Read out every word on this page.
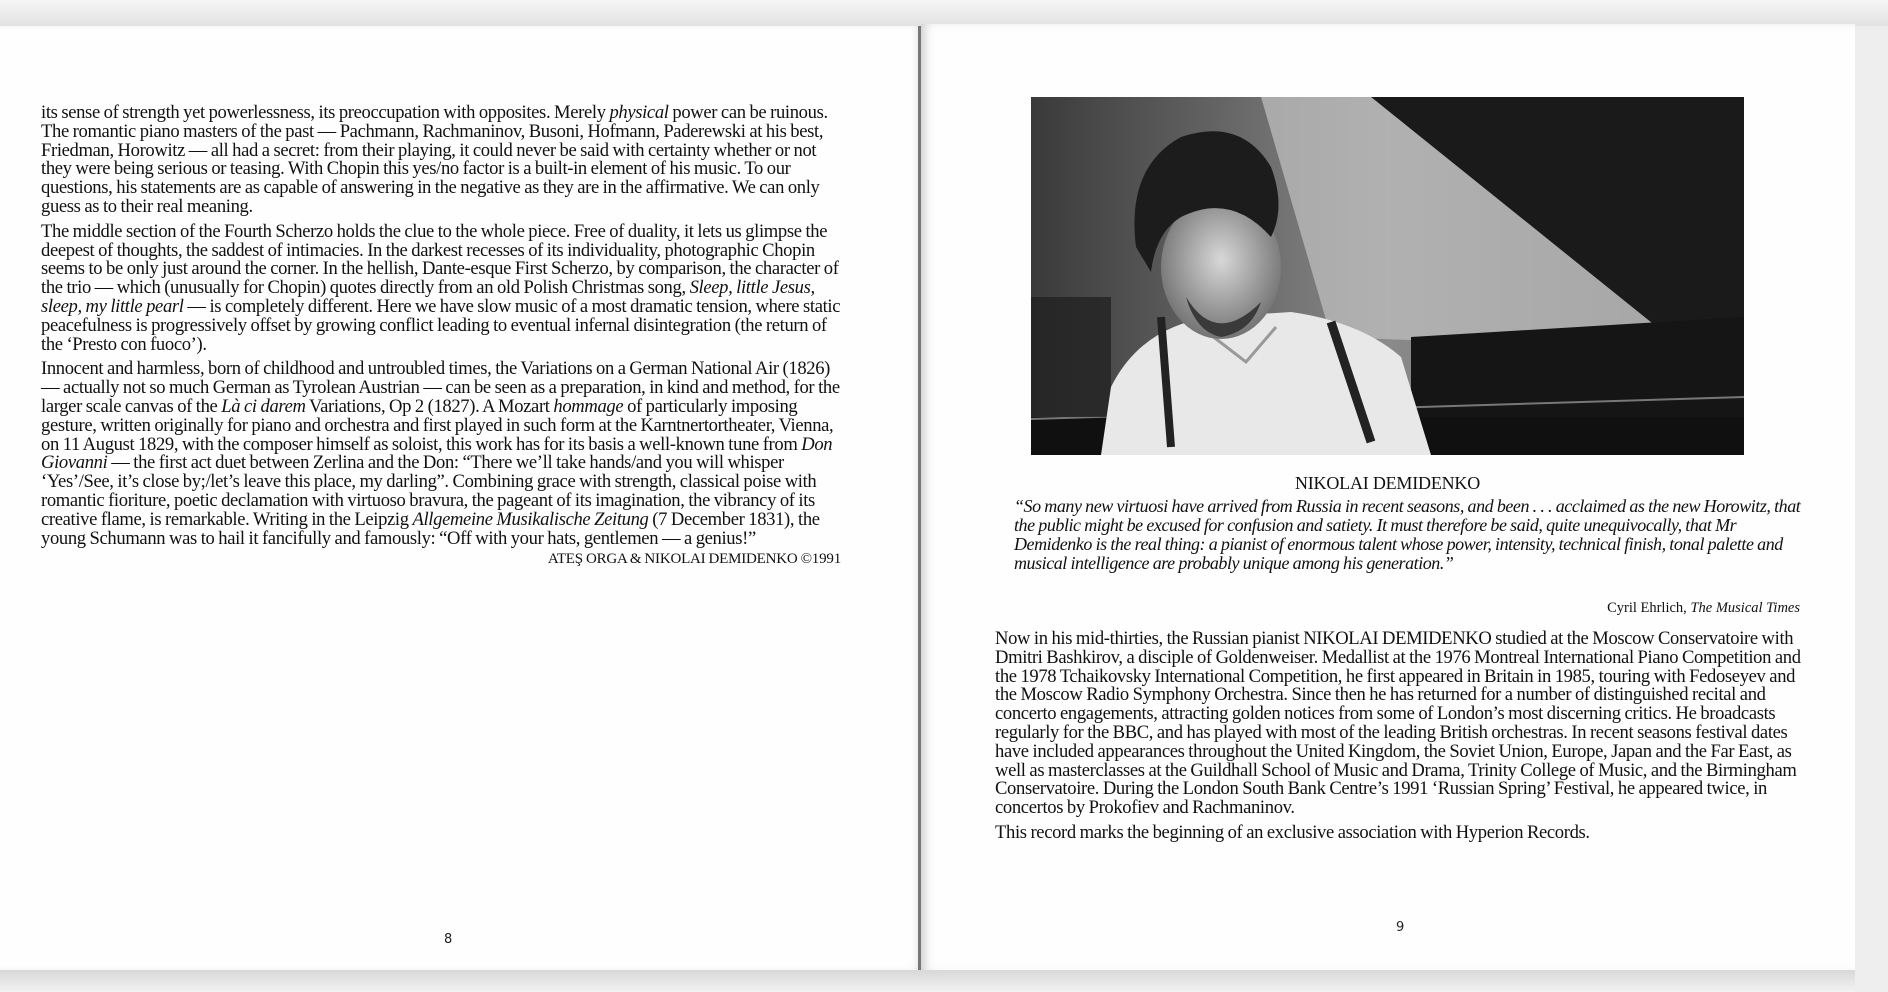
its sense of strength yet powerlessness, its preoccupation with opposites. Merely physical power can be ruinous. The romantic piano masters of the past — Pachmann, Rachmaninov, Busoni, Hofmann, Paderewski at his best, Friedman, Horowitz — all had a secret: from their playing, it could never be said with certainty whether or not they were being serious or teasing. With Chopin this yes/no factor is a built-in element of his music. To our questions, his statements are as capable of answering in the negative as they are in the affirmative. We can only guess as to their real meaning.

The middle section of the Fourth Scherzo holds the clue to the whole piece. Free of duality, it lets us glimpse the deepest of thoughts, the saddest of intimacies. In the darkest recesses of its individuality, photographic Chopin seems to be only just around the corner. In the hellish, Dante-esque First Scherzo, by comparison, the character of the trio — which (unusually for Chopin) quotes directly from an old Polish Christmas song, Sleep, little Jesus, sleep, my little pearl — is completely different. Here we have slow music of a most dramatic tension, where static peacefulness is progressively offset by growing conflict leading to eventual infernal disintegration (the return of the ‘Presto con fuoco’).

Innocent and harmless, born of childhood and untroubled times, the Variations on a German National Air (1826) — actually not so much German as Tyrolean Austrian — can be seen as a preparation, in kind and method, for the larger scale canvas of the Là ci darem Variations, Op 2 (1827). A Mozart hommage of particularly imposing gesture, written originally for piano and orchestra and first played in such form at the Karntnertortheater, Vienna, on 11 August 1829, with the composer himself as soloist, this work has for its basis a well-known tune from Don Giovanni — the first act duet between Zerlina and the Don: “There we’ll take hands/and you will whisper ‘Yes’/See, it’s close by;/let’s leave this place, my darling”. Combining grace with strength, classical poise with romantic fioriture, poetic declamation with virtuoso bravura, the pageant of its imagination, the vibrancy of its creative flame, is remarkable. Writing in the Leipzig Allgemeine Musikalische Zeitung (7 December 1831), the young Schumann was to hail it fancifully and famously: “Off with your hats, gentlemen — a genius!”

ATEŞ ORGA & NIKOLAI DEMIDENKO ©1991
8
NIKOLAI DEMIDENKO
“So many new virtuosi have arrived from Russia in recent seasons, and been . . . acclaimed as the new Horowitz, that the public might be excused for confusion and satiety. It must therefore be said, quite unequivocally, that Mr Demidenko is the real thing: a pianist of enormous talent whose power, intensity, technical finish, tonal palette and musical intelligence are probably unique among his generation.”
Cyril Ehrlich, The Musical Times

Now in his mid-thirties, the Russian pianist NIKOLAI DEMIDENKO studied at the Moscow Conservatoire with Dmitri Bashkirov, a disciple of Goldenweiser. Medallist at the 1976 Montreal International Piano Competition and the 1978 Tchaikovsky International Competition, he first appeared in Britain in 1985, touring with Fedoseyev and the Moscow Radio Symphony Orchestra. Since then he has returned for a number of distinguished recital and concerto engagements, attracting golden notices from some of London’s most discerning critics. He broadcasts regularly for the BBC, and has played with most of the leading British orchestras. In recent seasons festival dates have included appearances throughout the United Kingdom, the Soviet Union, Europe, Japan and the Far East, as well as masterclasses at the Guildhall School of Music and Drama, Trinity College of Music, and the Birmingham Conservatoire. During the London South Bank Centre’s 1991 ‘Russian Spring’ Festival, he appeared twice, in concertos by Prokofiev and Rachmaninov.

This record marks the beginning of an exclusive association with Hyperion Records.

9
